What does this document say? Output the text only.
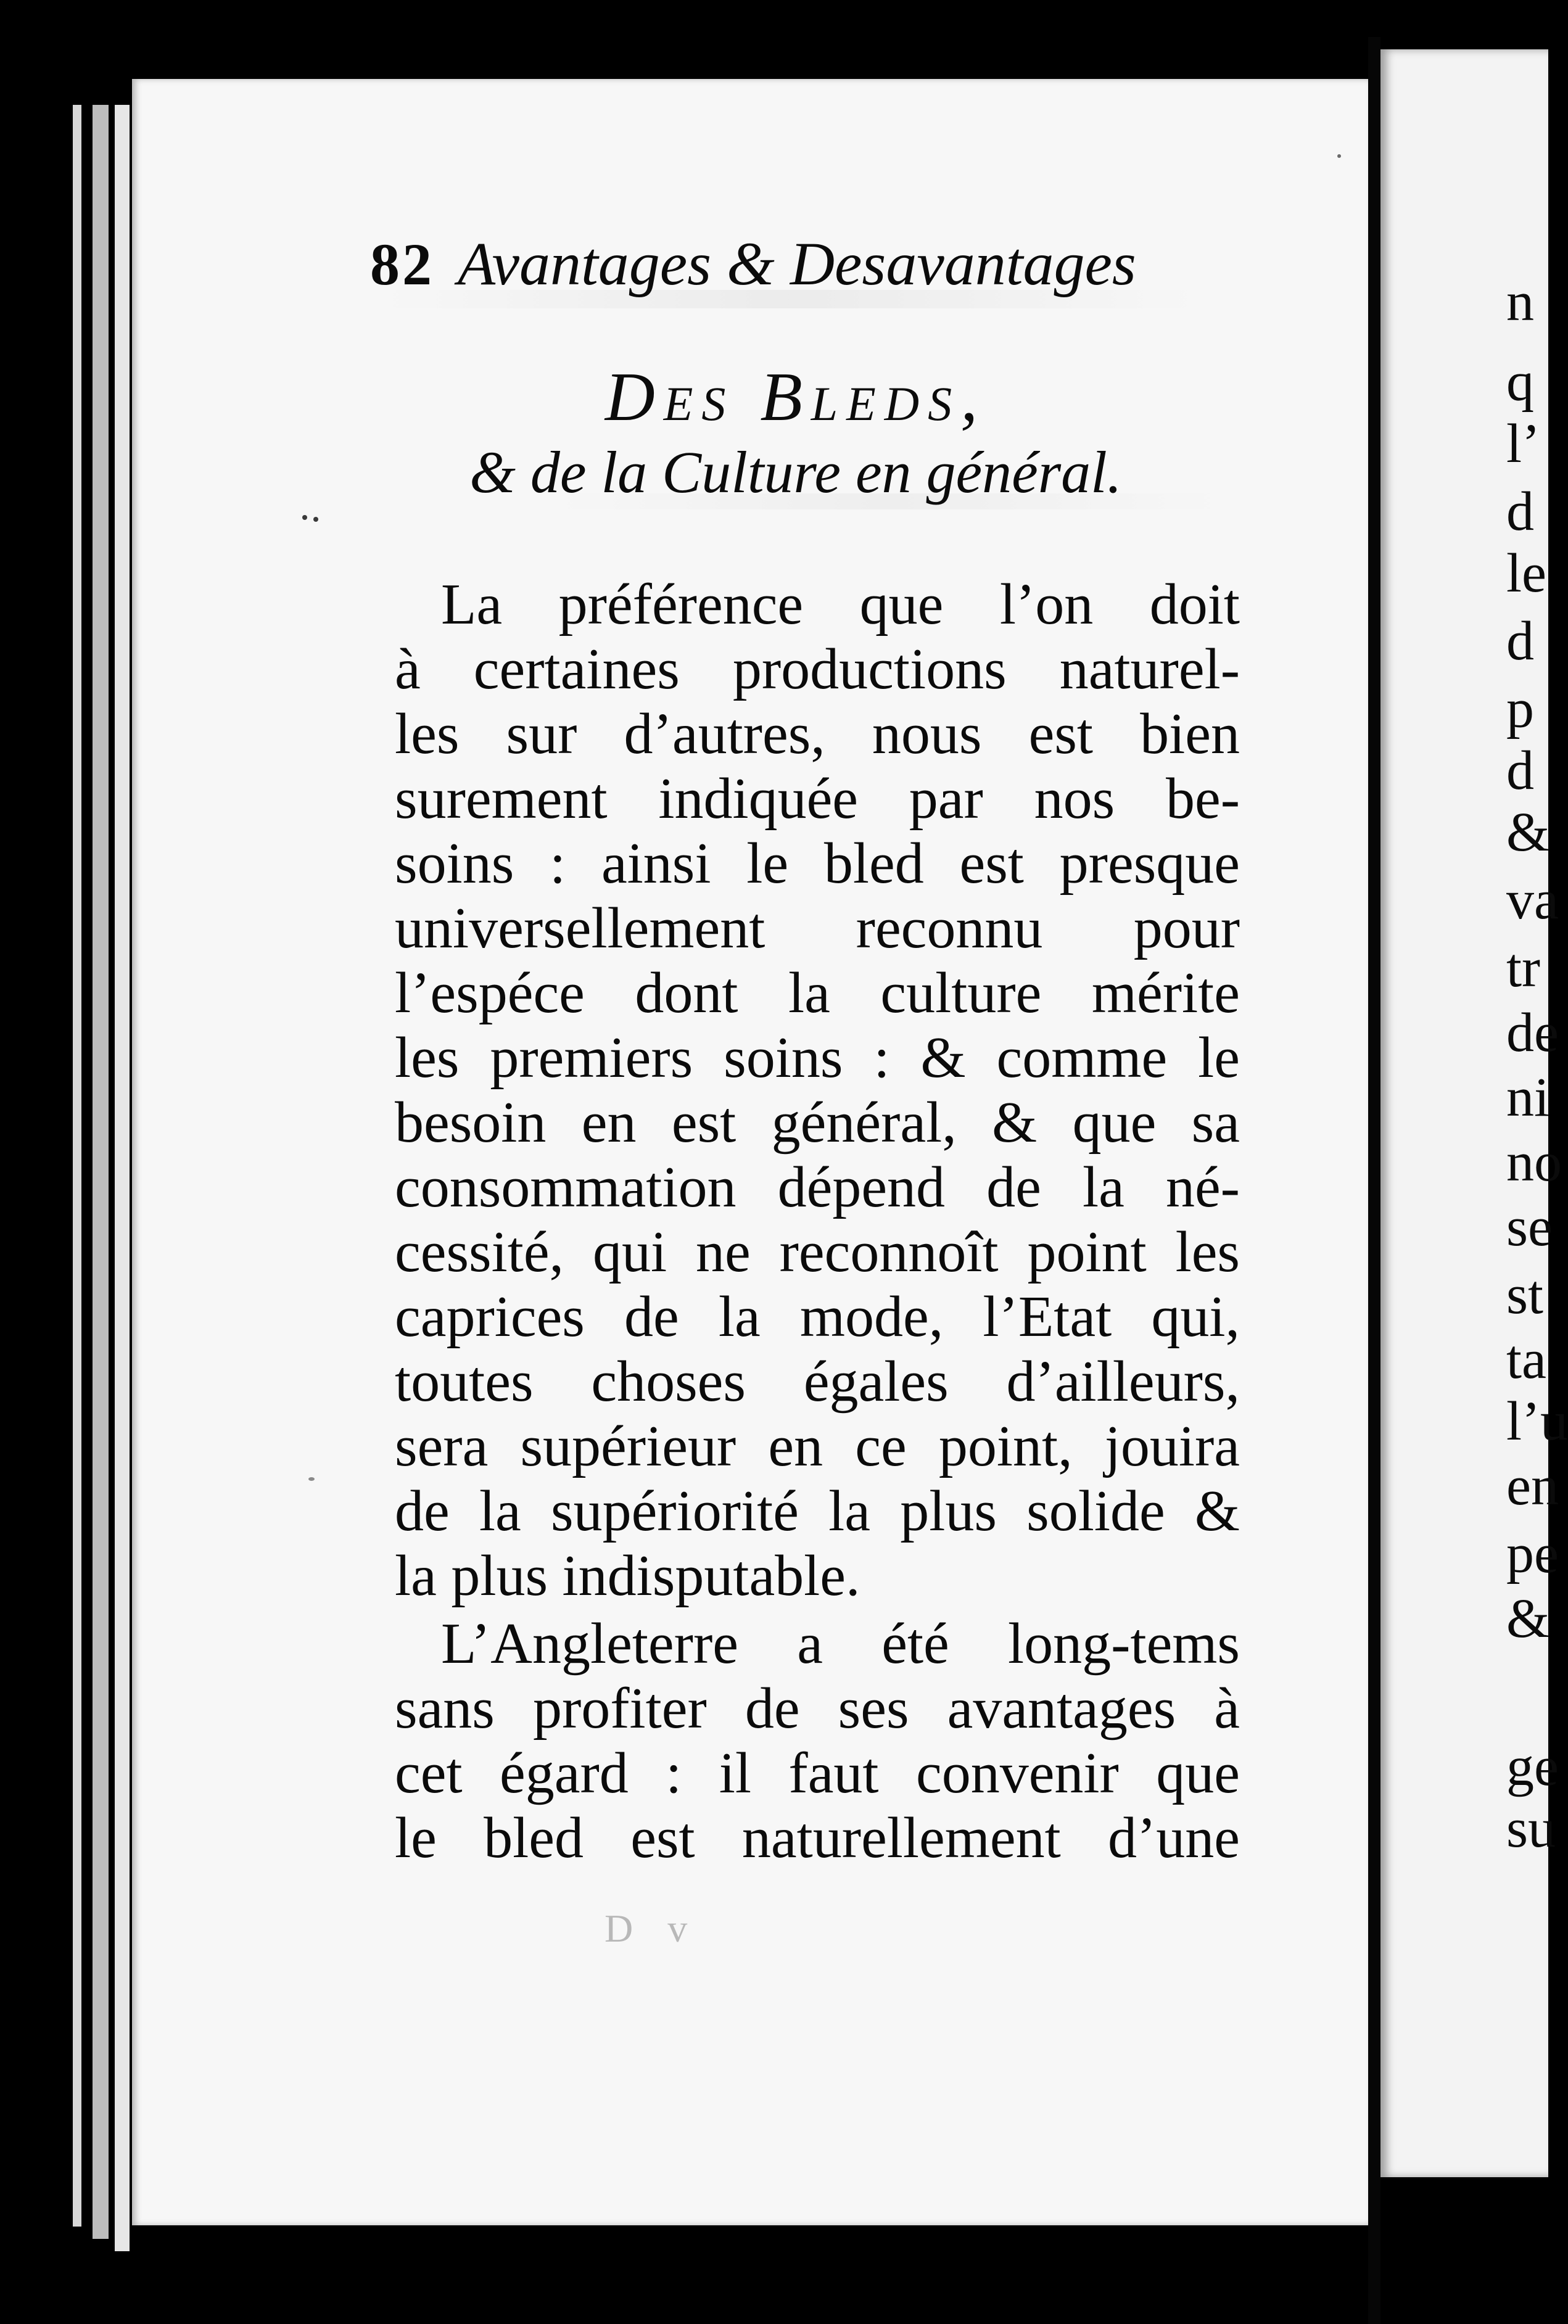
82 Avantages & Desavantages
Des Bleds,
& de la Culture en général.
La préférence que l’on doit
à certaines productions naturel-
les sur d’autres, nous est bien
surement indiquée par nos be-
soins : ainsi le bled est presque
universellement reconnu pour
l’espéce dont la culture mérite
les premiers soins : & comme le
besoin en est général, & que sa
consommation dépend de la né-
cessité, qui ne reconnoît point les
caprices de la mode, l’Etat qui,
toutes choses égales d’ailleurs,
sera supérieur en ce point, jouira
de la supériorité la plus solide &
la plus indisputable.
L’Angleterre a été long-tems
sans profiter de ses avantages à
cet égard : il faut convenir que
le bled est naturellement d’une
D v
n
q
l’
d
le
d
p
d
&
va
tr
de
ni
no
se
st
ta
l’u
en
pe
&
ge
su
